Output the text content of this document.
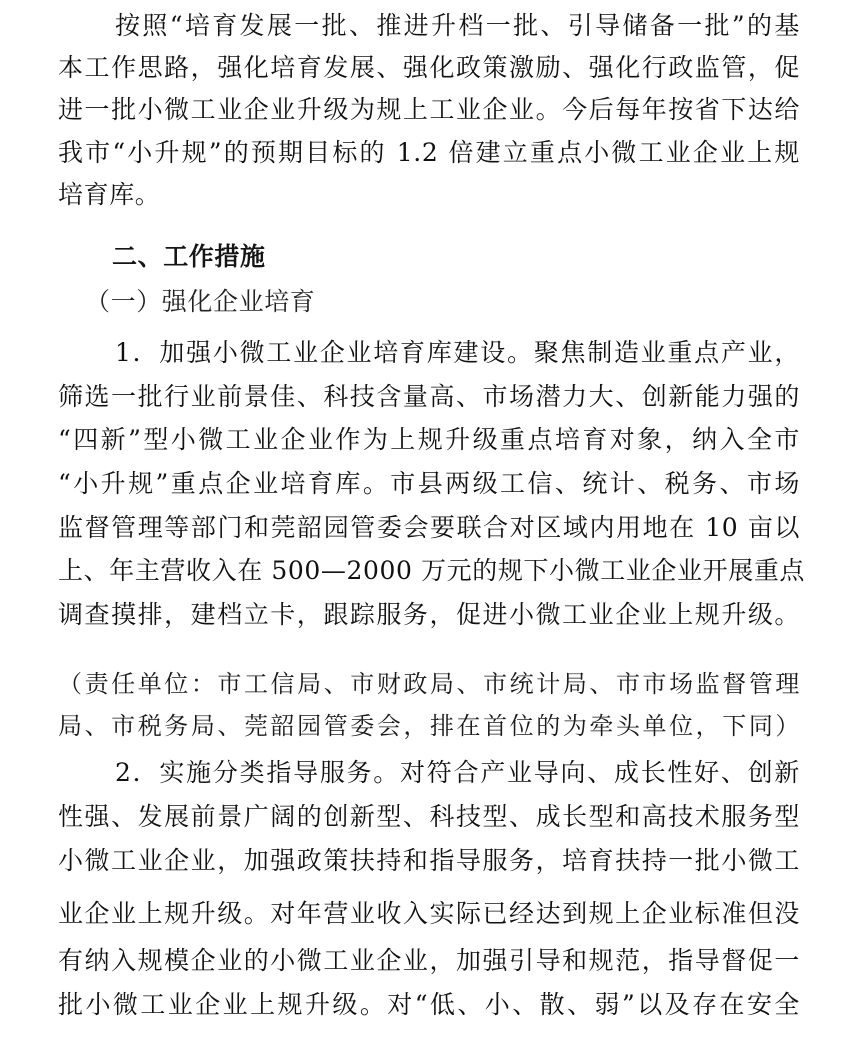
按照“培育发展一批、推进升档一批、引导储备一批”的基
本工作思路，强化培育发展、强化政策激励、强化行政监管，促
进一批小微工业企业升级为规上工业企业。今后每年按省下达给
我市“小升规”的预期目标的 1.2 倍建立重点小微工业企业上规
培育库。
二、工作措施
（一）强化企业培育
1．加强小微工业企业培育库建设。聚焦制造业重点产业，
筛选一批行业前景佳、科技含量高、市场潜力大、创新能力强的
“四新”型小微工业企业作为上规升级重点培育对象，纳入全市
“小升规”重点企业培育库。市县两级工信、统计、税务、市场
监督管理等部门和莞韶园管委会要联合对区域内用地在 10 亩以
上、年主营收入在 500—2000 万元的规下小微工业企业开展重点
调查摸排，建档立卡，跟踪服务，促进小微工业企业上规升级。
（责任单位：市工信局、市财政局、市统计局、市市场监督管理
局、市税务局、莞韶园管委会，排在首位的为牵头单位，下同）
2．实施分类指导服务。对符合产业导向、成长性好、创新
性强、发展前景广阔的创新型、科技型、成长型和高技术服务型
小微工业企业，加强政策扶持和指导服务，培育扶持一批小微工
业企业上规升级。对年营业收入实际已经达到规上企业标准但没
有纳入规模企业的小微工业企业，加强引导和规范，指导督促一
批小微工业企业上规升级。对“低、小、散、弱”以及存在安全
